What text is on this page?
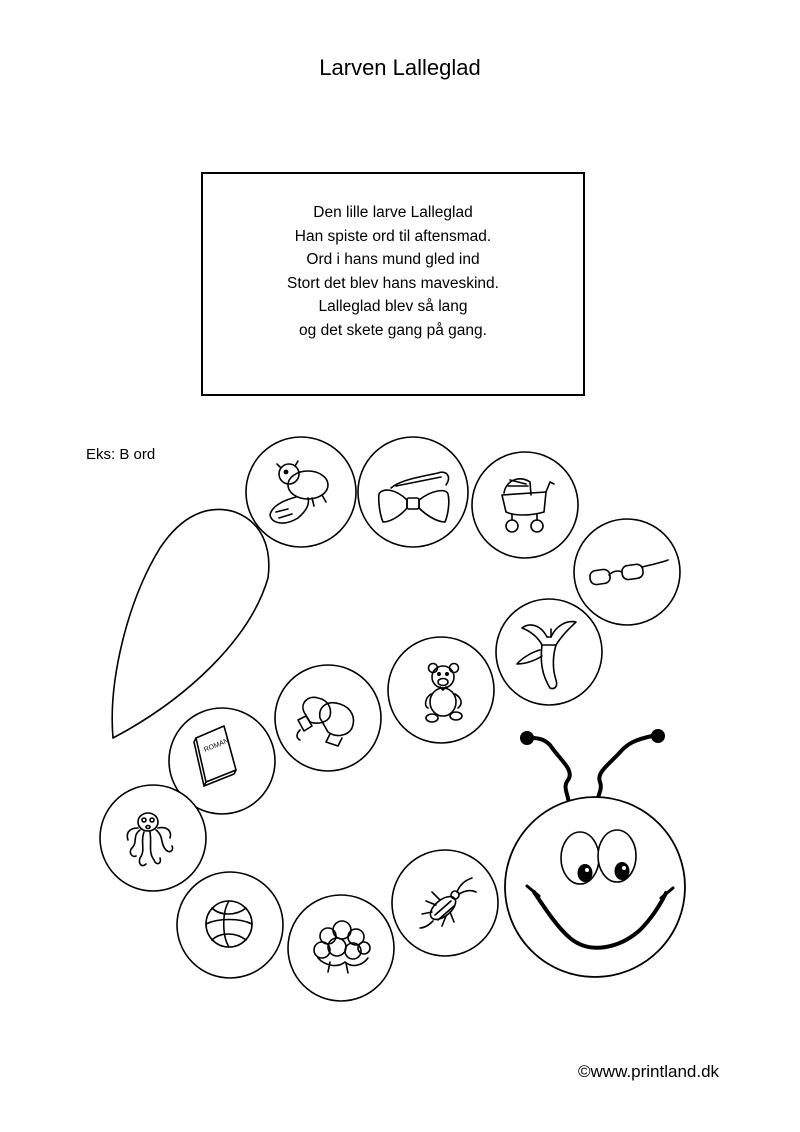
Larven Lalleglad
Den lille larve Lalleglad
Han spiste ord til aftensmad.
Ord i hans mund gled ind
Stort det blev hans maveskind.
Lalleglad blev så lang
og det skete gang på gang.
Eks: B ord
ROMAN
©www.printland.dk
